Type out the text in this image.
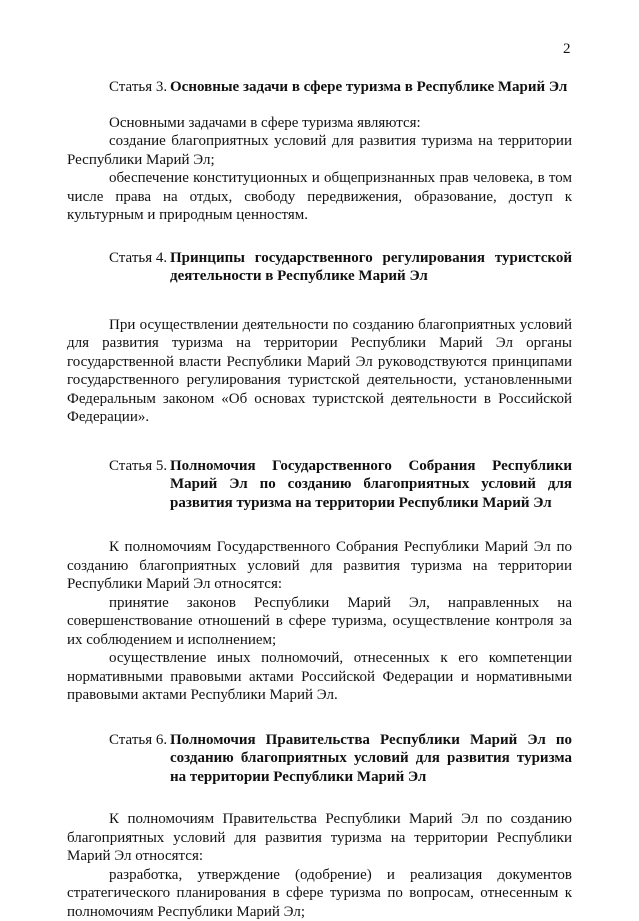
2
Статья 3. Основные задачи в сфере туризма в Республике Марий Эл

Основными задачами в сфере туризма являются:

создание благоприятных условий для развития туризма на территории Республики Марий Эл;

обеспечение конституционных и общепризнанных прав человека, в том числе права на отдых, свободу передвижения, образование, доступ к культурным и природным ценностям.

Статья 4. Принципы государственного регулирования туристской деятельности в Республике Марий Эл

При осуществлении деятельности по созданию благоприятных условий для развития туризма на территории Республики Марий Эл органы государственной власти Республики Марий Эл руководствуются принципами государственного регулирования туристской деятельности, установленными Федеральным законом «Об основах туристской деятельности в Российской Федерации».

Статья 5. Полномочия Государственного Собрания Республики Марий Эл по созданию благоприятных условий для развития туризма на территории Республики Марий Эл

К полномочиям Государственного Собрания Республики Марий Эл по созданию благоприятных условий для развития туризма на территории Республики Марий Эл относятся:

принятие законов Республики Марий Эл, направленных на совершенствование отношений в сфере туризма, осуществление контроля за их соблюдением и исполнением;

осуществление иных полномочий, отнесенных к его компетенции нормативными правовыми актами Российской Федерации и нормативными правовыми актами Республики Марий Эл.

Статья 6. Полномочия Правительства Республики Марий Эл по созданию благоприятных условий для развития туризма на территории Республики Марий Эл

К полномочиям Правительства Республики Марий Эл по созданию благоприятных условий для развития туризма на территории Республики Марий Эл относятся:

разработка, утверждение (одобрение) и реализация документов стратегического планирования в сфере туризма по вопросам, отнесенным к полномочиям Республики Марий Эл;
